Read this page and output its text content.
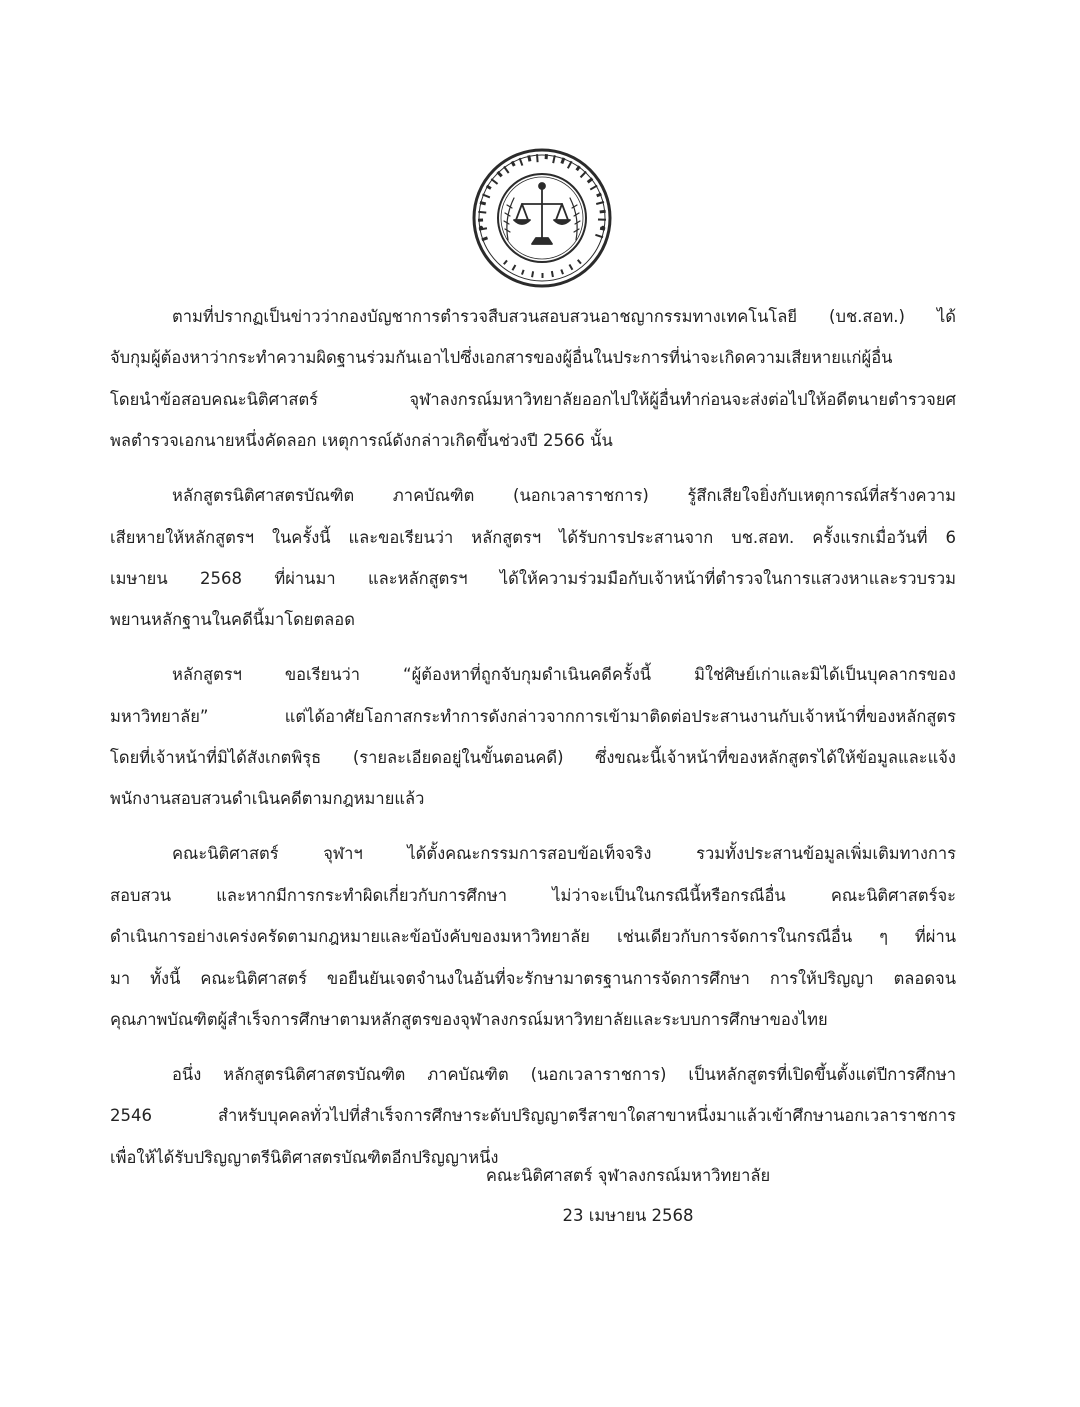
ตามที่ปรากฏเป็นข่าวว่ากองบัญชาการตำรวจสืบสวนสอบสวนอาชญากรรมทางเทคโนโลยี (บช.สอท.) ได้
จับกุมผู้ต้องหาว่ากระทำความผิดฐานร่วมกันเอาไปซึ่งเอกสารของผู้อื่นในประการที่น่าจะเกิดความเสียหายแก่ผู้อื่น
โดยนำข้อสอบคณะนิติศาสตร์ จุฬาลงกรณ์มหาวิทยาลัยออกไปให้ผู้อื่นทำก่อนจะส่งต่อไปให้อดีตนายตำรวจยศ
พลตำรวจเอกนายหนึ่งคัดลอก เหตุการณ์ดังกล่าวเกิดขึ้นช่วงปี 2566 นั้น
หลักสูตรนิติศาสตรบัณฑิต ภาคบัณฑิต (นอกเวลาราชการ) รู้สึกเสียใจยิ่งกับเหตุการณ์ที่สร้างความ
เสียหายให้หลักสูตรฯ ในครั้งนี้ และขอเรียนว่า หลักสูตรฯ ได้รับการประสานจาก บช.สอท. ครั้งแรกเมื่อวันที่ 6
เมษายน 2568 ที่ผ่านมา และหลักสูตรฯ ได้ให้ความร่วมมือกับเจ้าหน้าที่ตำรวจในการแสวงหาและรวบรวม
พยานหลักฐานในคดีนี้มาโดยตลอด
หลักสูตรฯ ขอเรียนว่า “ผู้ต้องหาที่ถูกจับกุมดำเนินคดีครั้งนี้ มิใช่ศิษย์เก่าและมิได้เป็นบุคลากรของ
มหาวิทยาลัย” แต่ได้อาศัยโอกาสกระทำการดังกล่าวจากการเข้ามาติดต่อประสานงานกับเจ้าหน้าที่ของหลักสูตร
โดยที่เจ้าหน้าที่มิได้สังเกตพิรุธ (รายละเอียดอยู่ในขั้นตอนคดี) ซึ่งขณะนี้เจ้าหน้าที่ของหลักสูตรได้ให้ข้อมูลและแจ้ง
พนักงานสอบสวนดำเนินคดีตามกฎหมายแล้ว
คณะนิติศาสตร์ จุฬาฯ ได้ตั้งคณะกรรมการสอบข้อเท็จจริง รวมทั้งประสานข้อมูลเพิ่มเติมทางการ
สอบสวน และหากมีการกระทำผิดเกี่ยวกับการศึกษา ไม่ว่าจะเป็นในกรณีนี้หรือกรณีอื่น คณะนิติศาสตร์จะ
ดำเนินการอย่างเคร่งครัดตามกฎหมายและข้อบังคับของมหาวิทยาลัย เช่นเดียวกับการจัดการในกรณีอื่น ๆ ที่ผ่าน
มา ทั้งนี้ คณะนิติศาสตร์ ขอยืนยันเจตจำนงในอันที่จะรักษามาตรฐานการจัดการศึกษา การให้ปริญญา ตลอดจน
คุณภาพบัณฑิตผู้สำเร็จการศึกษาตามหลักสูตรของจุฬาลงกรณ์มหาวิทยาลัยและระบบการศึกษาของไทย
อนึ่ง หลักสูตรนิติศาสตรบัณฑิต ภาคบัณฑิต (นอกเวลาราชการ) เป็นหลักสูตรที่เปิดขึ้นตั้งแต่ปีการศึกษา
2546 สำหรับบุคคลทั่วไปที่สำเร็จการศึกษาระดับปริญญาตรีสาขาใดสาขาหนึ่งมาแล้วเข้าศึกษานอกเวลาราชการ
เพื่อให้ได้รับปริญญาตรีนิติศาสตรบัณฑิตอีกปริญญาหนึ่ง
คณะนิติศาสตร์ จุฬาลงกรณ์มหาวิทยาลัย
23 เมษายน 2568
